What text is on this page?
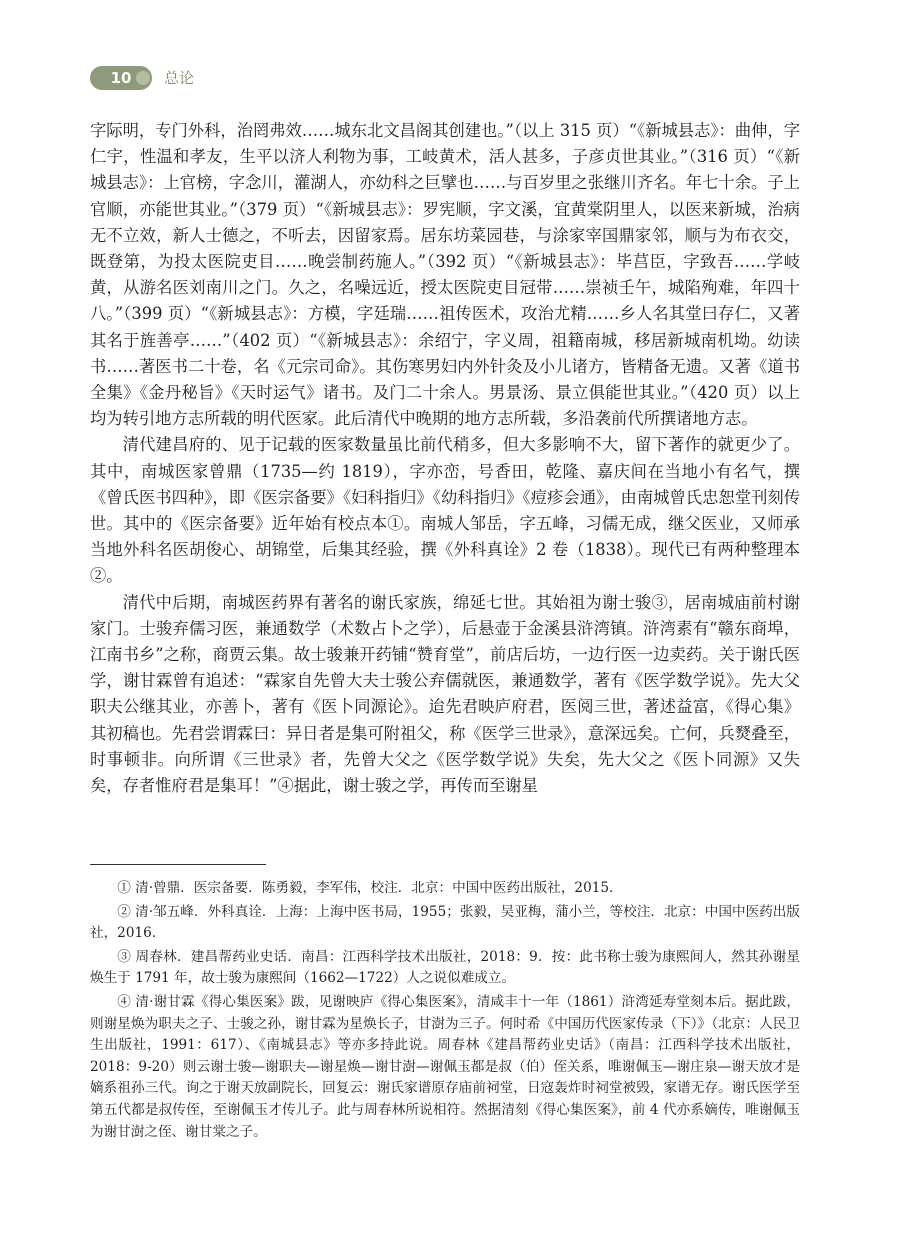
10	总论

字际明，专门外科，治罔弗效……城东北文昌阁其创建也。”（以上 315 页）“《新城县志》：曲伸，字仁宇，性温和孝友，生平以济人利物为事，工岐黄术，活人甚多，子彦贞世其业。”（316 页）“《新城县志》：上官榜，字念川，灌湖人，亦幼科之巨擘也……与百岁里之张继川齐名。年七十余。子上官顺，亦能世其业。”（379 页）“《新城县志》：罗宪顺，字文溪，宜黄棠阴里人，以医来新城，治病无不立效，新人士德之，不听去，因留家焉。居东坊菜园巷，与涂家宰国鼎家邻，顺与为布衣交，既登第，为投太医院吏目……晚尝制药施人。”（392 页）“《新城县志》：毕莒臣，字致吾……学岐黄，从游名医刘南川之门。久之，名噪远近，授太医院吏目冠带……崇祯壬午，城陷殉难，年四十八。”（399 页）“《新城县志》：方模，字廷瑞……祖传医术，攻治尤精……乡人名其堂曰存仁，又著其名于旌善亭……”（402 页）“《新城县志》：余绍宁，字义周，祖籍南城，移居新城南机坳。幼读书……著医书二十卷，名《元宗司命》。其伤寒男妇内外针灸及小儿诸方，皆精备无遗。又著《道书全集》《金丹秘旨》《天时运气》诸书。及门二十余人。男景汤、景立俱能世其业。”（420 页）以上均为转引地方志所载的明代医家。此后清代中晚期的地方志所载，多沿袭前代所撰诸地方志。

清代建昌府的、见于记载的医家数量虽比前代稍多，但大多影响不大，留下著作的就更少了。其中，南城医家曾鼎（1735—约 1819），字亦峦，号香田，乾隆、嘉庆间在当地小有名气，撰《曾氏医书四种》，即《医宗备要》《妇科指归》《幼科指归》《痘疹会通》，由南城曾氏忠恕堂刊刻传世。其中的《医宗备要》近年始有校点本①。南城人邹岳，字五峰，习儒无成，继父医业，又师承当地外科名医胡俊心、胡锦堂，后集其经验，撰《外科真诠》2 卷（1838）。现代已有两种整理本②。

清代中后期，南城医药界有著名的谢氏家族，绵延七世。其始祖为谢士骏③，居南城庙前村谢家门。士骏弃儒习医，兼通数学（术数占卜之学），后悬壶于金溪县浒湾镇。浒湾素有“赣东商埠，江南书乡”之称，商贾云集。故士骏兼开药铺“赞育堂”，前店后坊，一边行医一边卖药。关于谢氏医学，谢甘霖曾有追述：“霖家自先曾大夫士骏公弃儒就医，兼通数学，著有《医学数学说》。先大父职夫公继其业，亦善卜，著有《医卜同源论》。迨先君映庐府君，医阅三世，著述益富，《得心集》其初稿也。先君尝谓霖曰：异日者是集可附祖父，称《医学三世录》，意深远矣。亡何，兵燹叠至，时事顿非。向所谓《三世录》者，先曾大父之《医学数学说》失矣，先大父之《医卜同源》又失矣，存者惟府君是集耳！”④据此，谢士骏之学，再传而至谢星

① 清·曾鼎．医宗备要．陈勇毅，李军伟，校注．北京：中国中医药出版社，2015.

② 清·邹五峰．外科真诠．上海：上海中医书局，1955；张毅，吴亚梅，蒲小兰，等校注．北京：中国中医药出版社，2016.

③ 周春林．建昌帮药业史话．南昌：江西科学技术出版社，2018：9．按：此书称士骏为康熙间人，然其孙谢星焕生于 1791 年，故士骏为康熙间（1662—1722）人之说似难成立。

④ 清·谢甘霖《得心集医案》跋，见谢映庐《得心集医案》，清咸丰十一年（1861）浒湾延寿堂刻本后。据此跋，则谢星焕为职夫之子、士骏之孙，谢甘霖为星焕长子，甘澍为三子。何时希《中国历代医家传录（下）》（北京：人民卫生出版社，1991：617）、《南城县志》等亦多持此说。周春林《建昌帮药业史话》（南昌：江西科学技术出版社，2018：9-20）则云谢士骏—谢职夫—谢星焕—谢甘澍—谢佩玉都是叔（伯）侄关系，唯谢佩玉—谢庄泉—谢天放才是嫡系祖孙三代。询之于谢天放副院长，回复云：谢氏家谱原存庙前祠堂，日寇轰炸时祠堂被毁，家谱无存。谢氏医学至第五代都是叔传侄，至谢佩玉才传儿子。此与周春林所说相符。然据清刻《得心集医案》，前 4 代亦系嫡传，唯谢佩玉为谢甘澍之侄、谢甘棠之子。
